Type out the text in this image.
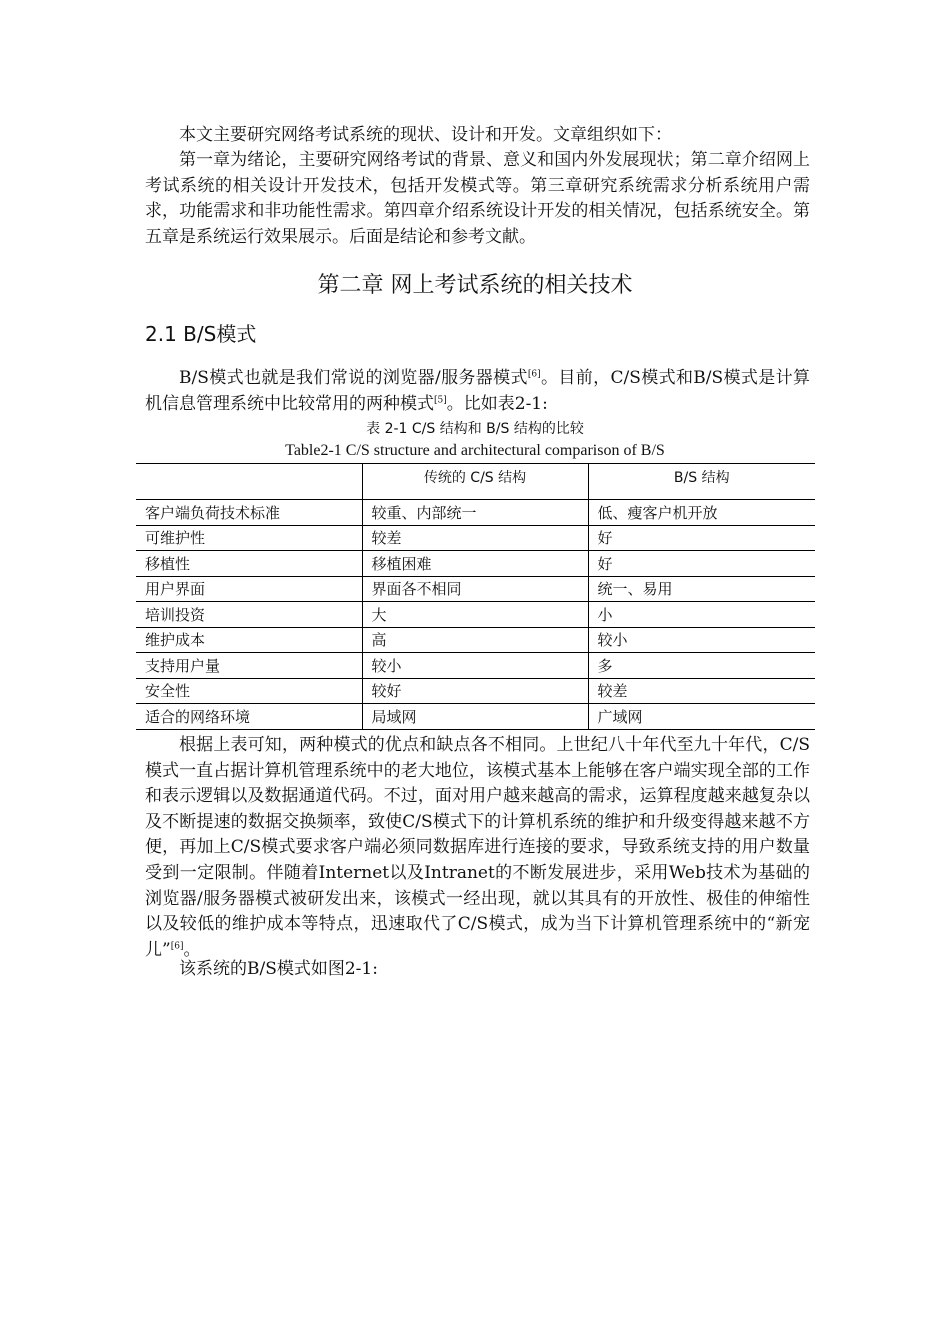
本文主要研究网络考试系统的现状、设计和开发。文章组织如下：

第一章为绪论，主要研究网络考试的背景、意义和国内外发展现状；第二章介绍网上考试系统的相关设计开发技术，包括开发模式等。第三章研究系统需求分析系统用户需求，功能需求和非功能性需求。第四章介绍系统设计开发的相关情况，包括系统安全。第五章是系统运行效果展示。后面是结论和参考文献。

第二章 网上考试系统的相关技术
2.1 B/S模式

B/S模式也就是我们常说的浏览器/服务器模式[6]。目前，C/S模式和B/S模式是计算机信息管理系统中比较常用的两种模式[5]。比如表2-1:

表 2-1 C/S 结构和 B/S 结构的比较

Table2-1 C/S structure and architectural comparison of B/S

	传统的 C/S 结构	B/S 结构
客户端负荷技术标准	较重、内部统一	低、瘦客户机开放
可维护性	较差	好
移植性	移植困难	好
用户界面	界面各不相同	统一、易用
培训投资	大	小
维护成本	高	较小
支持用户量	较小	多
安全性	较好	较差
适合的网络环境	局域网	广域网

根据上表可知，两种模式的优点和缺点各不相同。上世纪八十年代至九十年代，C/S模式一直占据计算机管理系统中的老大地位，该模式基本上能够在客户端实现全部的工作和表示逻辑以及数据通道代码。不过，面对用户越来越高的需求，运算程度越来越复杂以及不断提速的数据交换频率，致使C/S模式下的计算机系统的维护和升级变得越来越不方便，再加上C/S模式要求客户端必须同数据库进行连接的要求，导致系统支持的用户数量受到一定限制。伴随着Internet以及Intranet的不断发展进步，采用Web技术为基础的浏览器/服务器模式被研发出来，该模式一经出现，就以其具有的开放性、极佳的伸缩性以及较低的维护成本等特点，迅速取代了C/S模式，成为当下计算机管理系统中的“新宠儿”[6]。

该系统的B/S模式如图2-1:
